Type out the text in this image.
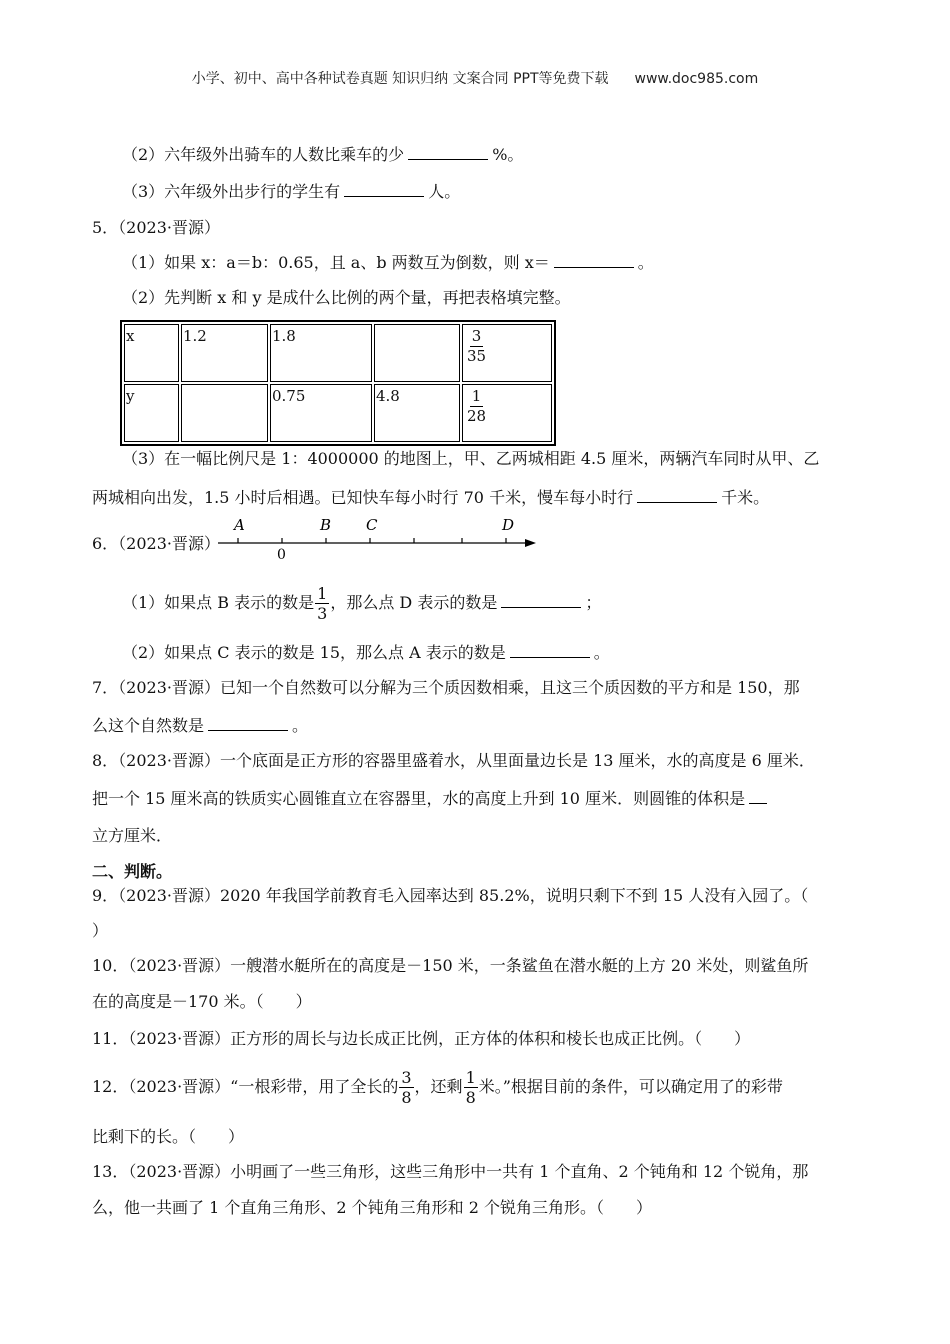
小学、初中、高中各种试卷真题 知识归纳 文案合同 PPT等免费下载 www.doc985.com
（2）六年级外出骑车的人数比乘车的少	%。
（3）六年级外出步行的学生有	人。
5．（2023·晋源）
（1）如果 x：a＝b：0.65，且 a、b 两数互为倒数，则 x＝	。
（2）先判断 x 和 y 是成什么比例的两个量，再把表格填完整。
x	1.2	1.8		$\frac{3}{35}$

y		0.75	4.8	$\frac{1}{28}$
（3）在一幅比例尺是 1：4000000 的地图上，甲、乙两城相距 4.5 厘米，两辆汽车同时从甲、乙
两城相向出发，1.5 小时后相遇。已知快车每小时行 70 千米，慢车每小时行	千米。
6．（2023·晋源）
A	B C	D
0
（1）如果点 B 表示的数是 $\frac{1}{3}$ ，那么点 D 表示的数是	；
（2）如果点 C 表示的数是 15，那么点 A 表示的数是	。
7．（2023·晋源）已知一个自然数可以分解为三个质因数相乘，且这三个质因数的平方和是 150，那
么这个自然数是	。
8．（2023·晋源）一个底面是正方形的容器里盛着水，从里面量边长是 13 厘米，水的高度是 6 厘米．
把一个 15 厘米高的铁质实心圆锥直立在容器里，水的高度上升到 10 厘米．则圆锥的体积是
立方厘米．
二、判断。
9．（2023·晋源）2020 年我国学前教育毛入园率达到 85.2%，说明只剩下不到 15 人没有入园了。（
）
10．（2023·晋源）一艘潜水艇所在的高度是－150 米，一条鲨鱼在潜水艇的上方 20 米处，则鲨鱼所
在的高度是－170 米。（　　）
11．（2023·晋源）正方形的周长与边长成正比例，正方体的体积和棱长也成正比例。（　　）
12．（2023·晋源）“一根彩带，用了全长的 $\frac{3}{8}$ ，还剩 $\frac{1}{8}$ 米。”根据目前的条件，可以确定用了的彩带
比剩下的长。（　　）
13．（2023·晋源）小明画了一些三角形，这些三角形中一共有 1 个直角、2 个钝角和 12 个锐角，那
么，他一共画了 1 个直角三角形、2 个钝角三角形和 2 个锐角三角形。（　　）
